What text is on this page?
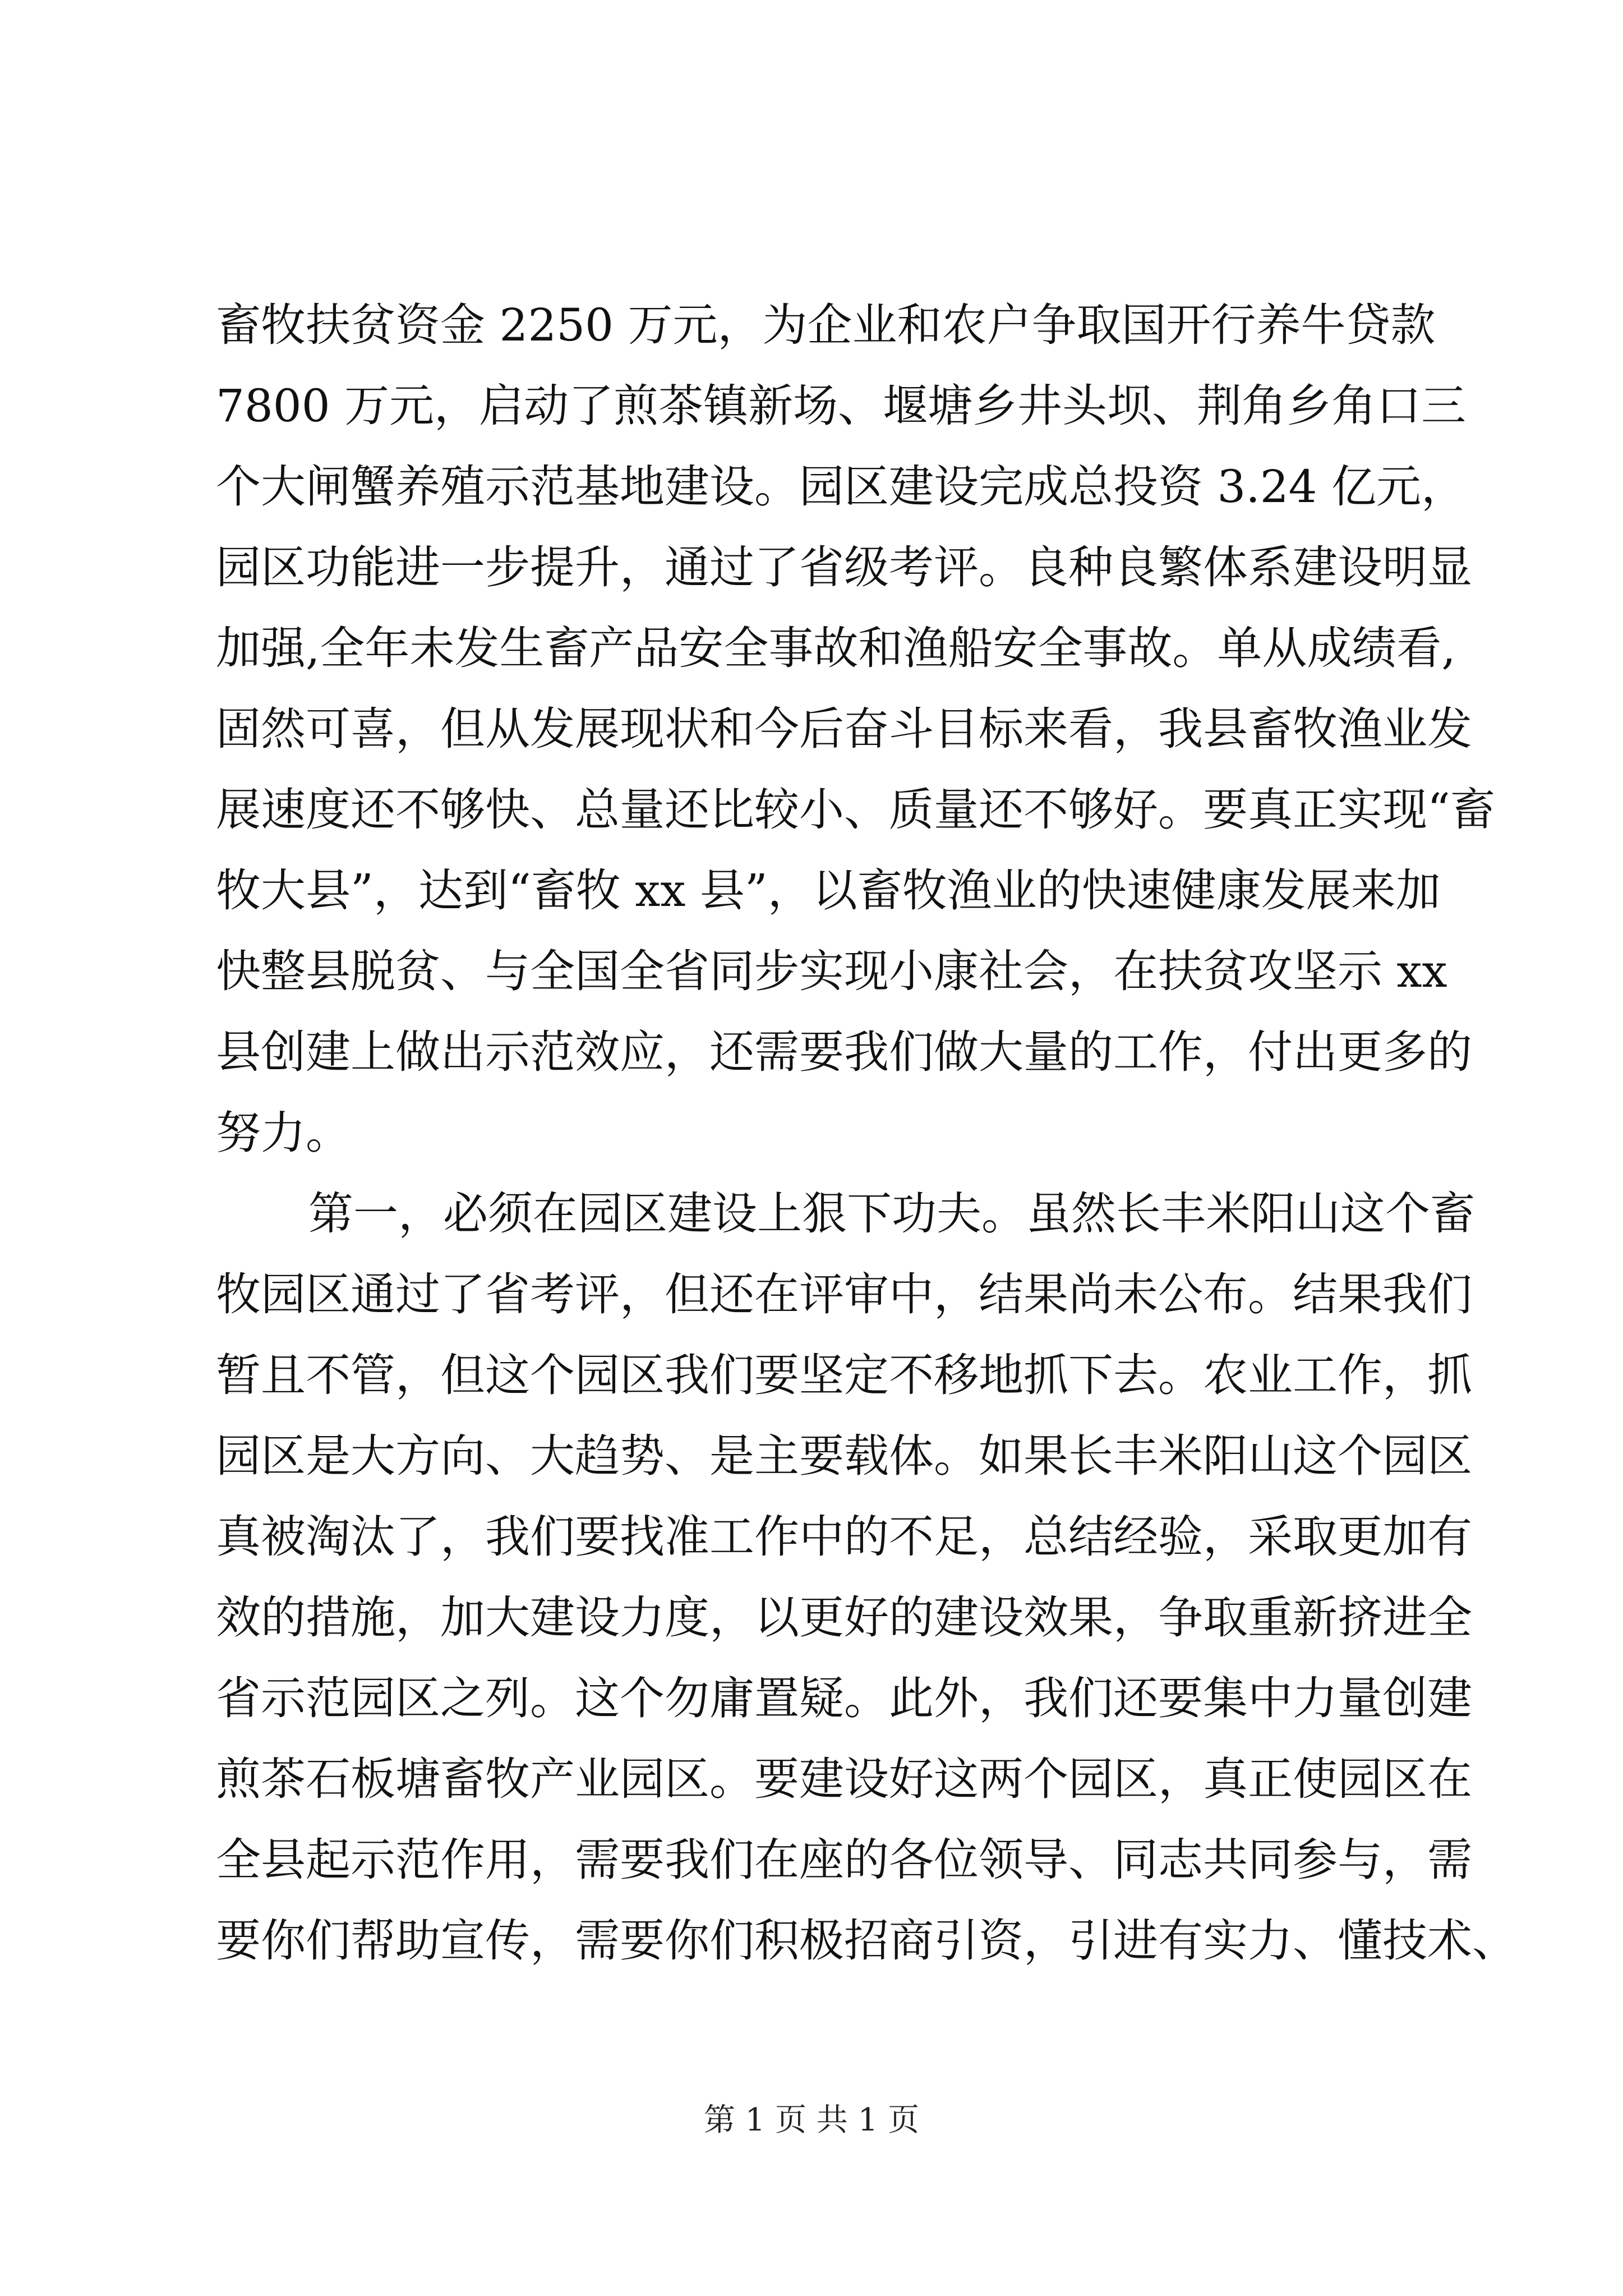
畜牧扶贫资金 2250 万元，为企业和农户争取国开行养牛贷款
7800 万元，启动了煎茶镇新场、堰塘乡井头坝、荆角乡角口三
个大闸蟹养殖示范基地建设。园区建设完成总投资 3.24 亿元，
园区功能进一步提升，通过了省级考评。良种良繁体系建设明显
加强,全年未发生畜产品安全事故和渔船安全事故。单从成绩看,
固然可喜，但从发展现状和今后奋斗目标来看，我县畜牧渔业发
展速度还不够快、总量还比较小、质量还不够好。要真正实现“畜
牧大县”，达到“畜牧 xx 县”，以畜牧渔业的快速健康发展来加
快整县脱贫、与全国全省同步实现小康社会，在扶贫攻坚示 xx
县创建上做出示范效应，还需要我们做大量的工作，付出更多的
努力。
第一，必须在园区建设上狠下功夫。虽然长丰米阳山这个畜
牧园区通过了省考评，但还在评审中，结果尚未公布。结果我们
暂且不管，但这个园区我们要坚定不移地抓下去。农业工作，抓
园区是大方向、大趋势、是主要载体。如果长丰米阳山这个园区
真被淘汰了，我们要找准工作中的不足，总结经验，采取更加有
效的措施，加大建设力度，以更好的建设效果，争取重新挤进全
省示范园区之列。这个勿庸置疑。此外，我们还要集中力量创建
煎茶石板塘畜牧产业园区。要建设好这两个园区，真正使园区在
全县起示范作用，需要我们在座的各位领导、同志共同参与，需
要你们帮助宣传，需要你们积极招商引资，引进有实力、懂技术、
第 1 页 共 1 页
